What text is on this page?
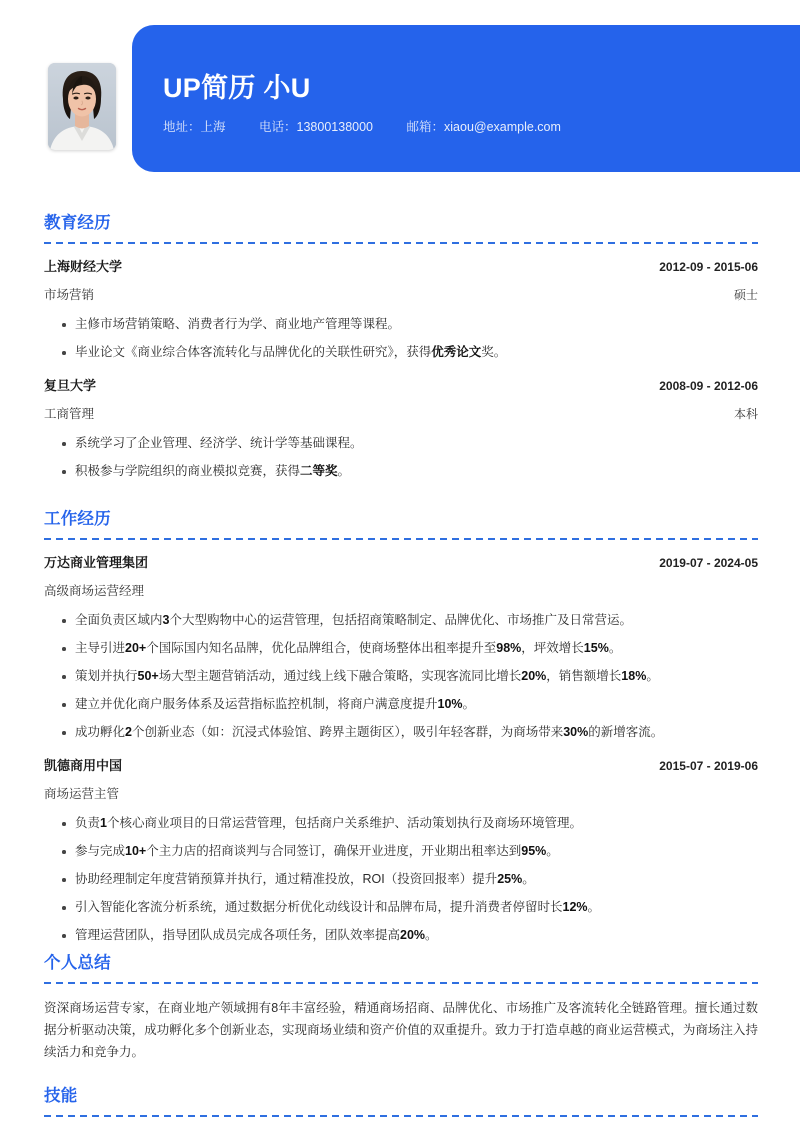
UP简历 小U
地址：上海	电话：13800138000	邮箱：xiaou@example.com
教育经历
上海财经大学	2012-09 - 2015-06
市场营销	硕士
主修市场营销策略、消费者行为学、商业地产管理等课程。
毕业论文《商业综合体客流转化与品牌优化的关联性研究》，获得优秀论文奖。
复旦大学	2008-09 - 2012-06
工商管理	本科
系统学习了企业管理、经济学、统计学等基础课程。
积极参与学院组织的商业模拟竞赛，获得二等奖。
工作经历
万达商业管理集团	2019-07 - 2024-05
高级商场运营经理
全面负责区域内3个大型购物中心的运营管理，包括招商策略制定、品牌优化、市场推广及日常营运。
主导引进20+个国际国内知名品牌，优化品牌组合，使商场整体出租率提升至98%，坪效增长15%。
策划并执行50+场大型主题营销活动，通过线上线下融合策略，实现客流同比增长20%，销售额增长18%。
建立并优化商户服务体系及运营指标监控机制，将商户满意度提升10%。
成功孵化2个创新业态（如：沉浸式体验馆、跨界主题街区），吸引年轻客群，为商场带来30%的新增客流。
凯德商用中国	2015-07 - 2019-06
商场运营主管
负责1个核心商业项目的日常运营管理，包括商户关系维护、活动策划执行及商场环境管理。
参与完成10+个主力店的招商谈判与合同签订，确保开业进度，开业期出租率达到95%。
协助经理制定年度营销预算并执行，通过精准投放，ROI（投资回报率）提升25%。
引入智能化客流分析系统，通过数据分析优化动线设计和品牌布局，提升消费者停留时长12%。
管理运营团队，指导团队成员完成各项任务，团队效率提高20%。
个人总结
资深商场运营专家，在商业地产领域拥有8年丰富经验，精通商场招商、品牌优化、市场推广及客流转化全链路管理。擅长通过数据分析驱动决策，成功孵化多个创新业态，实现商场业绩和资产价值的双重提升。致力于打造卓越的商业运营模式，为商场注入持续活力和竞争力。
技能
